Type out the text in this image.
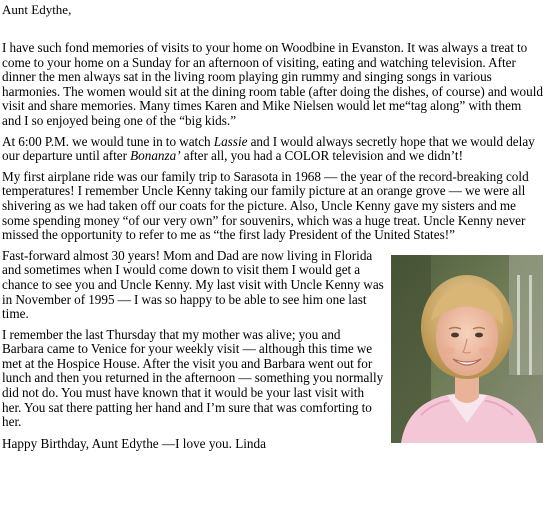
Aunt Edythe,

I have such fond memories of visits to your home on Woodbine in Evanston. It was always a treat to come to your home on a Sunday for an afternoon of visiting, eating and watching television. After dinner the men always sat in the living room playing gin rummy and singing songs in various harmonies. The women would sit at the dining room table (after doing the dishes, of course) and would visit and share memories. Many times Karen and Mike Nielsen would let me“tag along” with them and I so enjoyed being one of the “big kids.”

At 6:00 P.M. we would tune in to watch Lassie and I would always secretly hope that we would delay our departure until after Bonanza’ after all, you had a COLOR television and we didn’t!

My first airplane ride was our family trip to Sarasota in 1968 — the year of the record-breaking cold temperatures! I remember Uncle Kenny taking our family picture at an orange grove — we were all shivering as we had taken off our coats for the picture. Also, Uncle Kenny gave my sisters and me some spending money “of our very own” for souvenirs, which was a huge treat. Uncle Kenny never missed the opportunity to refer to me as “the first lady President of the United States!”

Fast-forward almost 30 years! Mom and Dad are now living in Florida and sometimes when I would come down to visit them I would get a chance to see you and Uncle Kenny. My last visit with Uncle Kenny was in November of 1995 — I was so happy to be able to see him one last time.

I remember the last Thursday that my mother was alive; you and Barbara came to Venice for your weekly visit — although this time we met at the Hospice House. After the visit you and Barbara went out for lunch and then you returned in the afternoon — something you normally did not do. You must have known that it would be your last visit with her. You sat there patting her hand and I’m sure that was comforting to her.

Happy Birthday, Aunt Edythe —I love you. Linda
